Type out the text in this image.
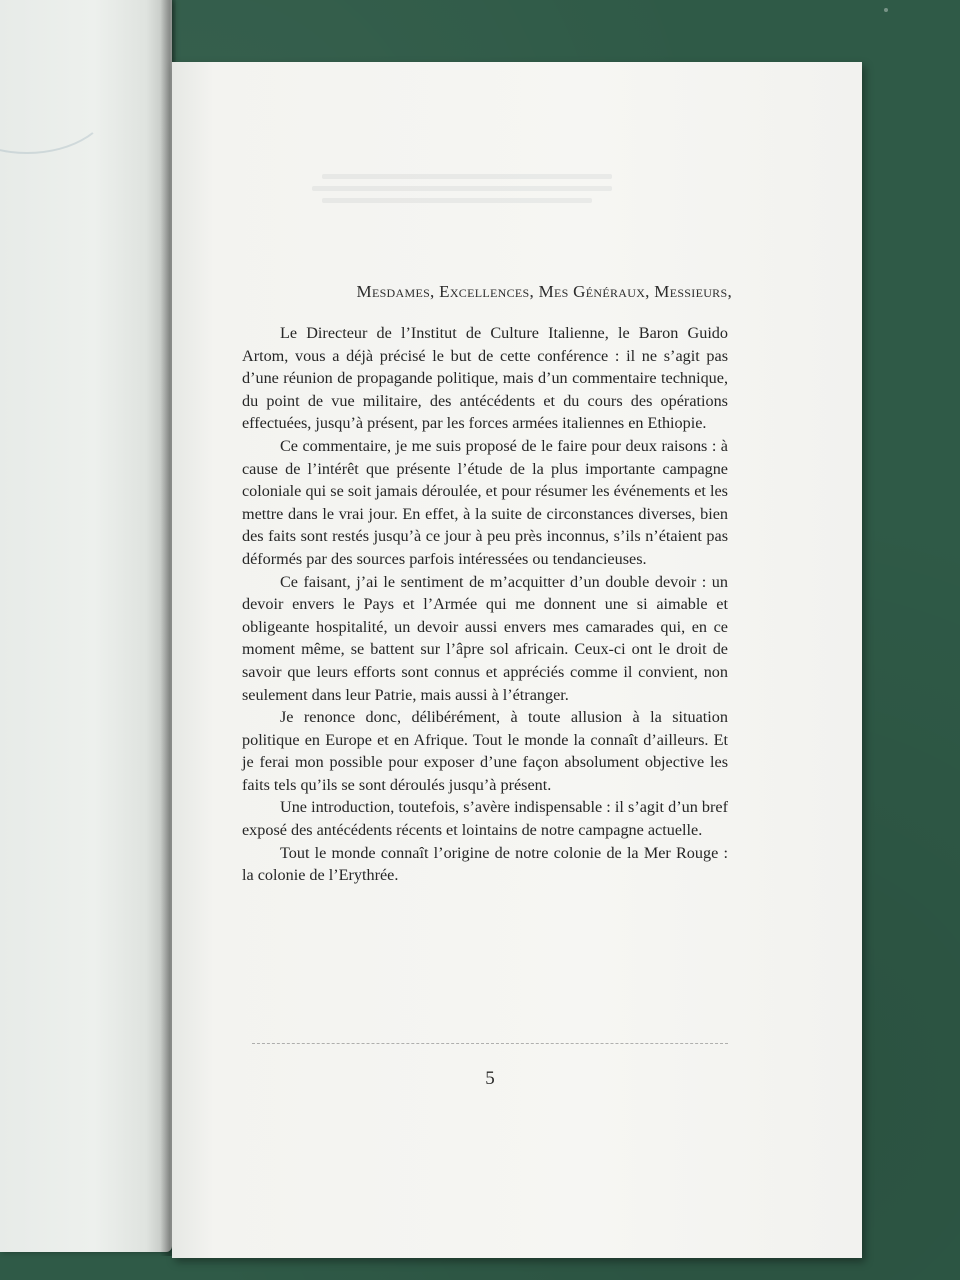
Mesdames, Excellences, Mes Généraux, Messieurs,

Le Directeur de l’Institut de Culture Italienne, le Baron Guido Artom, vous a déjà précisé le but de cette conférence : il ne s’agit pas d’une réunion de propagande politique, mais d’un commentaire technique, du point de vue militaire, des antécédents et du cours des opérations effectuées, jusqu’à présent, par les forces armées italiennes en Ethiopie.

Ce commentaire, je me suis proposé de le faire pour deux raisons : à cause de l’intérêt que présente l’étude de la plus importante campagne coloniale qui se soit jamais déroulée, et pour résumer les événements et les mettre dans le vrai jour. En effet, à la suite de circonstances diverses, bien des faits sont restés jusqu’à ce jour à peu près inconnus, s’ils n’étaient pas déformés par des sources parfois intéressées ou tendancieuses.

Ce faisant, j’ai le sentiment de m’acquitter d’un double devoir : un devoir envers le Pays et l’Armée qui me donnent une si aimable et obligeante hospitalité, un devoir aussi envers mes camarades qui, en ce moment même, se battent sur l’âpre sol africain. Ceux-ci ont le droit de savoir que leurs efforts sont connus et appréciés comme il convient, non seulement dans leur Patrie, mais aussi à l’étranger.

Je renonce donc, délibérément, à toute allusion à la situation politique en Europe et en Afrique. Tout le monde la connaît d’ailleurs. Et je ferai mon possible pour exposer d’une façon absolument objective les faits tels qu’ils se sont déroulés jusqu’à présent.

Une introduction, toutefois, s’avère indispensable : il s’agit d’un bref exposé des antécédents récents et lointains de notre campagne actuelle.

Tout le monde connaît l’origine de notre colonie de la Mer Rouge : la colonie de l’Erythrée.

5
